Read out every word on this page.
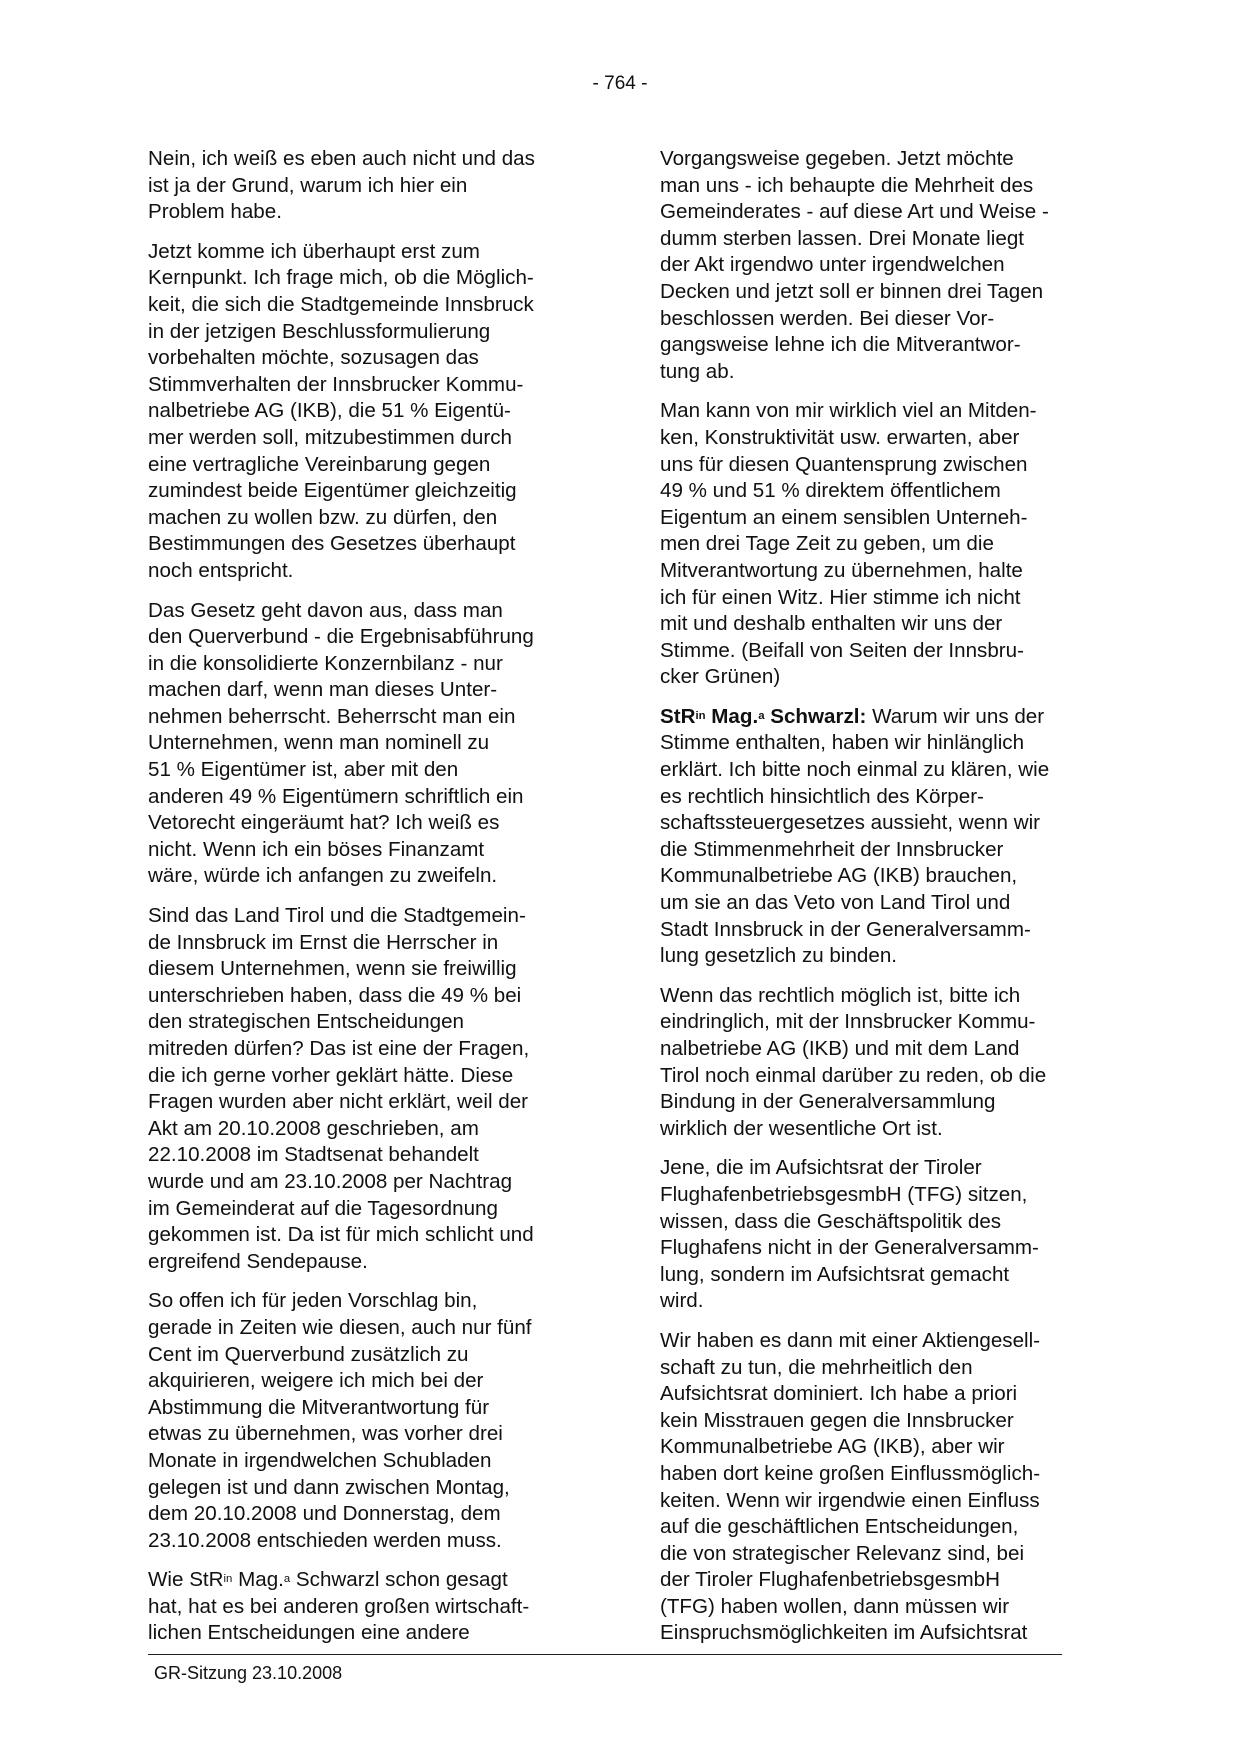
- 764 -
Nein, ich weiß es eben auch nicht und das
ist ja der Grund, warum ich hier ein
Problem habe.
Jetzt komme ich überhaupt erst zum
Kernpunkt. Ich frage mich, ob die Möglich-
keit, die sich die Stadtgemeinde Innsbruck
in der jetzigen Beschlussformulierung
vorbehalten möchte, sozusagen das
Stimmverhalten der Innsbrucker Kommu-
nalbetriebe AG (IKB), die 51 % Eigentü-
mer werden soll, mitzubestimmen durch
eine vertragliche Vereinbarung gegen
zumindest beide Eigentümer gleichzeitig
machen zu wollen bzw. zu dürfen, den
Bestimmungen des Gesetzes überhaupt
noch entspricht.
Das Gesetz geht davon aus, dass man
den Querverbund - die Ergebnisabführung
in die konsolidierte Konzernbilanz - nur
machen darf, wenn man dieses Unter-
nehmen beherrscht. Beherrscht man ein
Unternehmen, wenn man nominell zu
51 % Eigentümer ist, aber mit den
anderen 49 % Eigentümern schriftlich ein
Vetorecht eingeräumt hat? Ich weiß es
nicht. Wenn ich ein böses Finanzamt
wäre, würde ich anfangen zu zweifeln.
Sind das Land Tirol und die Stadtgemein-
de Innsbruck im Ernst die Herrscher in
diesem Unternehmen, wenn sie freiwillig
unterschrieben haben, dass die 49 % bei
den strategischen Entscheidungen
mitreden dürfen? Das ist eine der Fragen,
die ich gerne vorher geklärt hätte. Diese
Fragen wurden aber nicht erklärt, weil der
Akt am 20.10.2008 geschrieben, am
22.10.2008 im Stadtsenat behandelt
wurde und am 23.10.2008 per Nachtrag
im Gemeinderat auf die Tagesordnung
gekommen ist. Da ist für mich schlicht und
ergreifend Sendepause.
So offen ich für jeden Vorschlag bin,
gerade in Zeiten wie diesen, auch nur fünf
Cent im Querverbund zusätzlich zu
akquirieren, weigere ich mich bei der
Abstimmung die Mitverantwortung für
etwas zu übernehmen, was vorher drei
Monate in irgendwelchen Schubladen
gelegen ist und dann zwischen Montag,
dem 20.10.2008 und Donnerstag, dem
23.10.2008 entschieden werden muss.
Wie StR$^{in}$ Mag.$^a$ Schwarzl schon gesagt
hat, hat es bei anderen großen wirtschaft-
lichen Entscheidungen eine andere
Vorgangsweise gegeben. Jetzt möchte
man uns - ich behaupte die Mehrheit des
Gemeinderates - auf diese Art und Weise -
dumm sterben lassen. Drei Monate liegt
der Akt irgendwo unter irgendwelchen
Decken und jetzt soll er binnen drei Tagen
beschlossen werden. Bei dieser Vor-
gangsweise lehne ich die Mitverantwor-
tung ab.
Man kann von mir wirklich viel an Mitden-
ken, Konstruktivität usw. erwarten, aber
uns für diesen Quantensprung zwischen
49 % und 51 % direktem öffentlichem
Eigentum an einem sensiblen Unterneh-
men drei Tage Zeit zu geben, um die
Mitverantwortung zu übernehmen, halte
ich für einen Witz. Hier stimme ich nicht
mit und deshalb enthalten wir uns der
Stimme. (Beifall von Seiten der Innsbru-
cker Grünen)
StR$^{in}$ Mag.$^a$ Schwarzl: Warum wir uns der
Stimme enthalten, haben wir hinlänglich
erklärt. Ich bitte noch einmal zu klären, wie
es rechtlich hinsichtlich des Körper-
schaftssteuergesetzes aussieht, wenn wir
die Stimmenmehrheit der Innsbrucker
Kommunalbetriebe AG (IKB) brauchen,
um sie an das Veto von Land Tirol und
Stadt Innsbruck in der Generalversamm-
lung gesetzlich zu binden.
Wenn das rechtlich möglich ist, bitte ich
eindringlich, mit der Innsbrucker Kommu-
nalbetriebe AG (IKB) und mit dem Land
Tirol noch einmal darüber zu reden, ob die
Bindung in der Generalversammlung
wirklich der wesentliche Ort ist.
Jene, die im Aufsichtsrat der Tiroler
FlughafenbetriebsgesmbH (TFG) sitzen,
wissen, dass die Geschäftspolitik des
Flughafens nicht in der Generalversamm-
lung, sondern im Aufsichtsrat gemacht
wird.
Wir haben es dann mit einer Aktiengesell-
schaft zu tun, die mehrheitlich den
Aufsichtsrat dominiert. Ich habe a priori
kein Misstrauen gegen die Innsbrucker
Kommunalbetriebe AG (IKB), aber wir
haben dort keine großen Einflussmöglich-
keiten. Wenn wir irgendwie einen Einfluss
auf die geschäftlichen Entscheidungen,
die von strategischer Relevanz sind, bei
der Tiroler FlughafenbetriebsgesmbH
(TFG) haben wollen, dann müssen wir
Einspruchsmöglichkeiten im Aufsichtsrat
GR-Sitzung 23.10.2008
